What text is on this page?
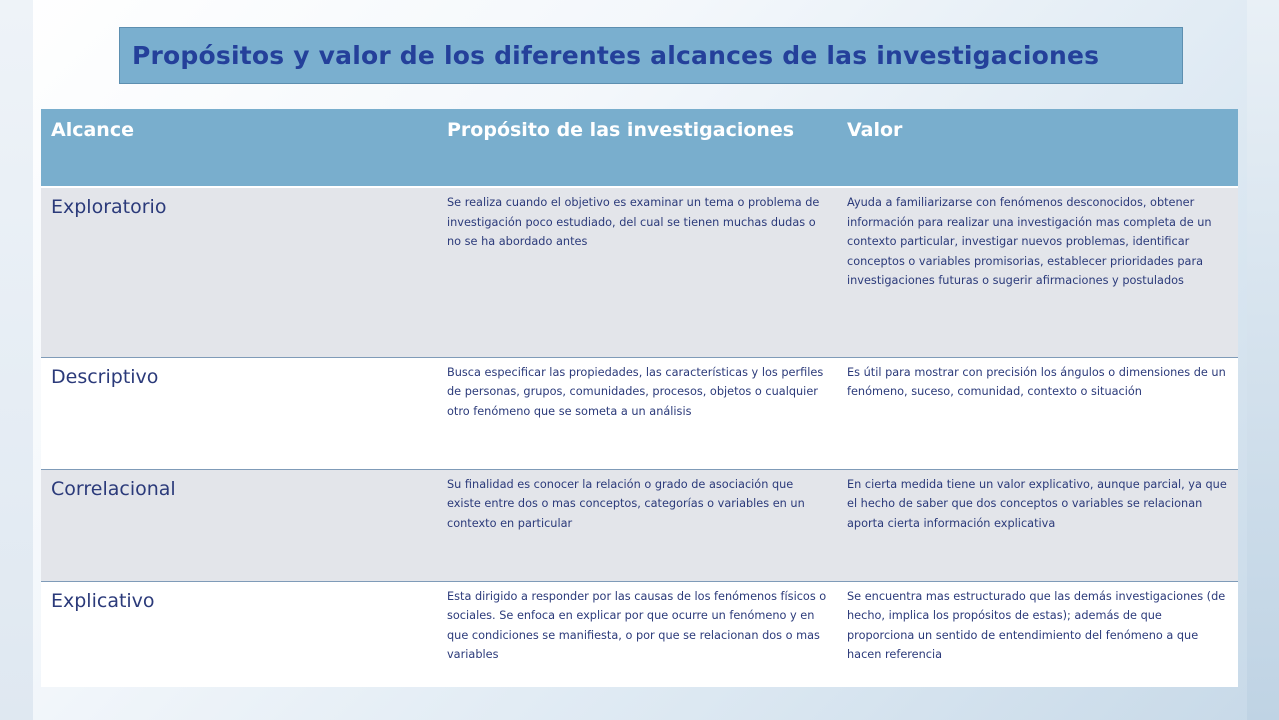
Propósitos y valor de los diferentes alcances de las investigaciones
Alcance	Propósito de las investigaciones	Valor
Exploratorio	Se realiza cuando el objetivo es examinar un tema o problema de investigación poco estudiado, del cual se tienen muchas dudas o no se ha abordado antes	Ayuda a familiarizarse con fenómenos desconocidos, obtener información para realizar una investigación mas completa de un contexto particular, investigar nuevos problemas, identificar conceptos o variables promisorias, establecer prioridades para investigaciones futuras o sugerir afirmaciones y postulados
Descriptivo	Busca especificar las propiedades, las características y los perfiles de personas, grupos, comunidades, procesos, objetos o cualquier otro fenómeno que se someta a un análisis	Es útil para mostrar con precisión los ángulos o dimensiones de un fenómeno, suceso, comunidad, contexto o situación
Correlacional	Su finalidad es conocer la relación o grado de asociación que existe entre dos o mas conceptos, categorías o variables en un contexto en particular	En cierta medida tiene un valor explicativo, aunque parcial, ya que el hecho de saber que dos conceptos o variables se relacionan aporta cierta información explicativa
Explicativo	Esta dirigido a responder por las causas de los fenómenos físicos o sociales. Se enfoca en explicar por que ocurre un fenómeno y en que condiciones se manifiesta, o por que se relacionan dos o mas variables	Se encuentra mas estructurado que las demás investigaciones (de hecho, implica los propósitos de estas); además de que proporciona un sentido de entendimiento del fenómeno a que hacen referencia
